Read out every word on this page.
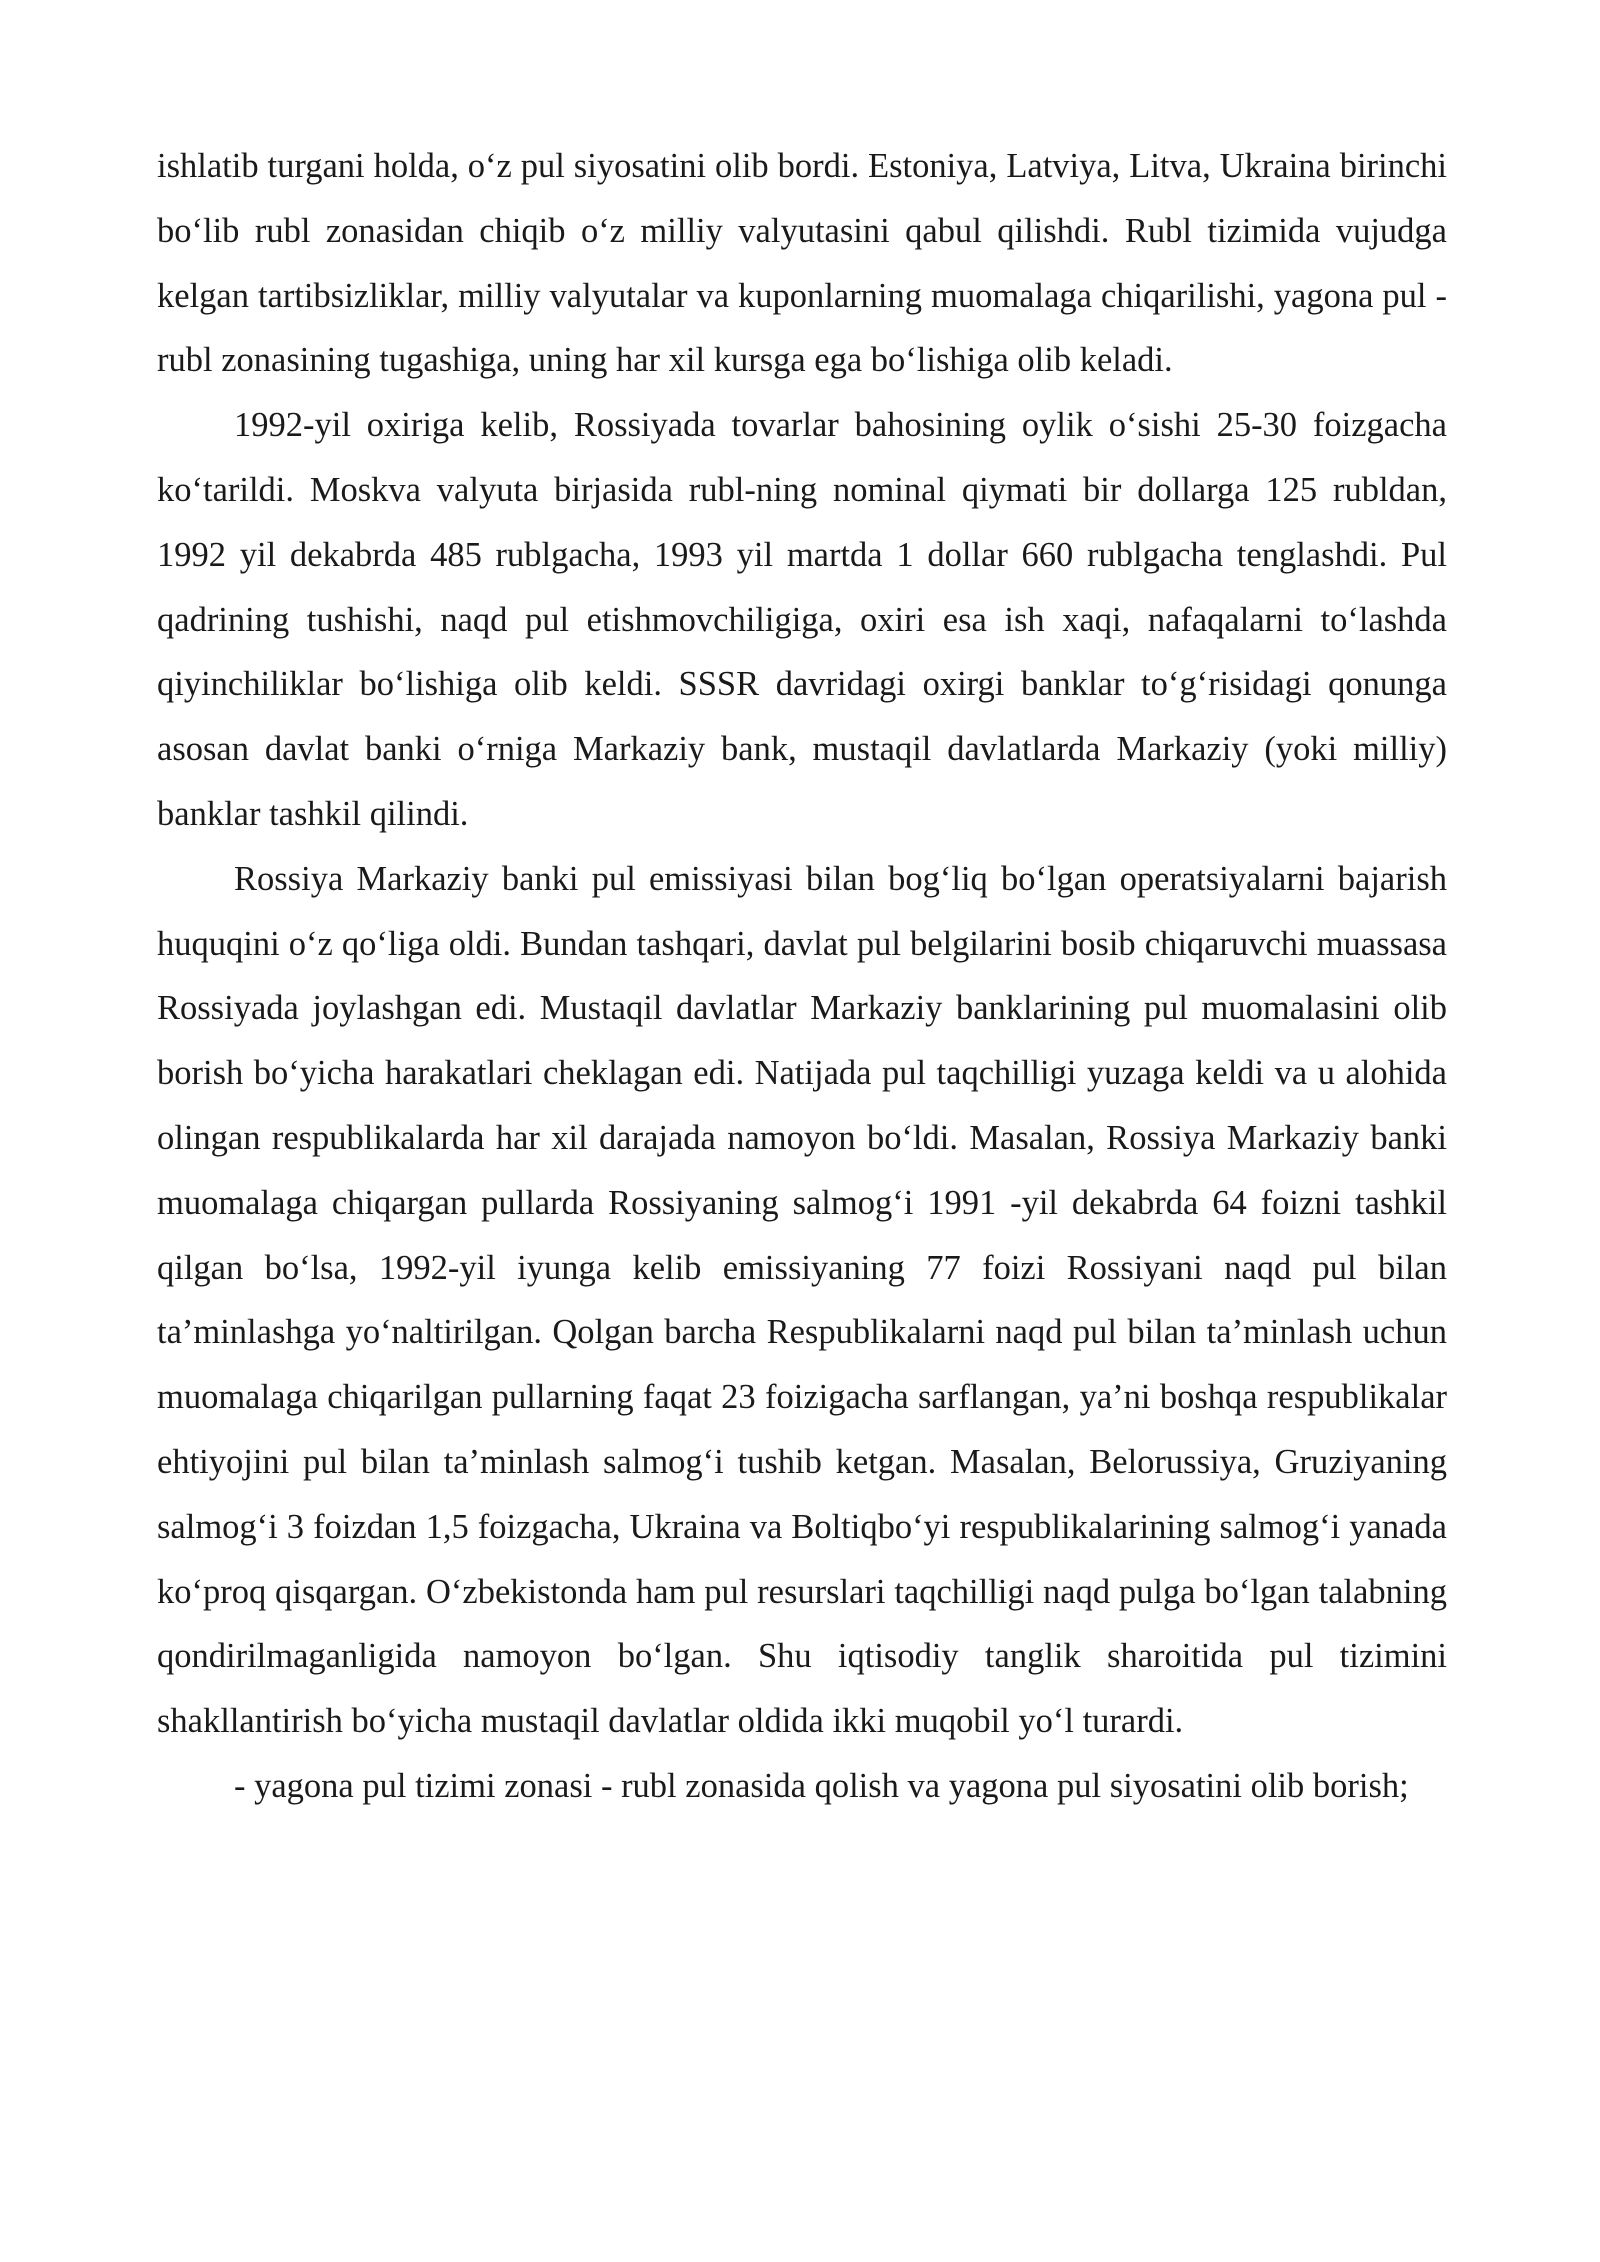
ishlatib turgani holda, o‘z pul siyosatini olib bordi. Estoniya, Latviya, Litva, Ukraina birinchi bo‘lib rubl zonasidan chiqib o‘z milliy valyutasini qabul qilishdi. Rubl tizimida vujudga kelgan tartibsizliklar, milliy valyutalar va kuponlarning muomalaga chiqarilishi, yagona pul - rubl zonasining tugashiga, uning har xil kursga ega bo‘lishiga olib keladi.

1992-yil oxiriga kelib, Rossiyada tovarlar bahosining oylik o‘sishi 25-30 foizgacha ko‘tarildi. Moskva valyuta birjasida rubl-ning nominal qiymati bir dollarga 125 rubldan, 1992 yil dekabrda 485 rublgacha, 1993 yil martda 1 dollar 660 rublgacha tenglashdi. Pul qadrining tushishi, naqd pul etishmovchiligiga, oxiri esa ish xaqi, nafaqalarni to‘lashda qiyinchiliklar bo‘lishiga olib keldi. SSSR davridagi oxirgi banklar to‘g‘risidagi qonunga asosan davlat banki o‘rniga Markaziy bank, mustaqil davlatlarda Markaziy (yoki milliy) banklar tashkil qilindi.

Rossiya Markaziy banki pul emissiyasi bilan bog‘liq bo‘lgan operatsiyalarni bajarish huquqini o‘z qo‘liga oldi. Bundan tashqari, davlat pul belgilarini bosib chiqaruvchi muassasa Rossiyada joylashgan edi. Mustaqil davlatlar Markaziy banklarining pul muomalasini olib borish bo‘yicha harakatlari cheklagan edi. Natijada pul taqchilligi yuzaga keldi va u alohida olingan respublikalarda har xil darajada namoyon bo‘ldi. Masalan, Rossiya Markaziy banki muomalaga chiqargan pullarda Rossiyaning salmog‘i 1991 -yil dekabrda 64 foizni tashkil qilgan bo‘lsa, 1992-yil iyunga kelib emissiyaning 77 foizi Rossiyani naqd pul bilan ta’minlashga yo‘naltirilgan. Qolgan barcha Respublikalarni naqd pul bilan ta’minlash uchun muomalaga chiqarilgan pullarning faqat 23 foizigacha sarflangan, ya’ni boshqa respublikalar ehtiyojini pul bilan ta’minlash salmog‘i tushib ketgan. Masalan, Belorussiya, Gruziyaning salmog‘i 3 foizdan 1,5 foizgacha, Ukraina va Boltiqbo‘yi respublikalarining salmog‘i yanada ko‘proq qisqargan. O‘zbekistonda ham pul resurslari taqchilligi naqd pulga bo‘lgan talabning qondirilmaganligida namoyon bo‘lgan. Shu iqtisodiy tanglik sharoitida pul tizimini shakllantirish bo‘yicha mustaqil davlatlar oldida ikki muqobil yo‘l turardi.

- yagona pul tizimi zonasi - rubl zonasida qolish va yagona pul siyosatini olib borish;
